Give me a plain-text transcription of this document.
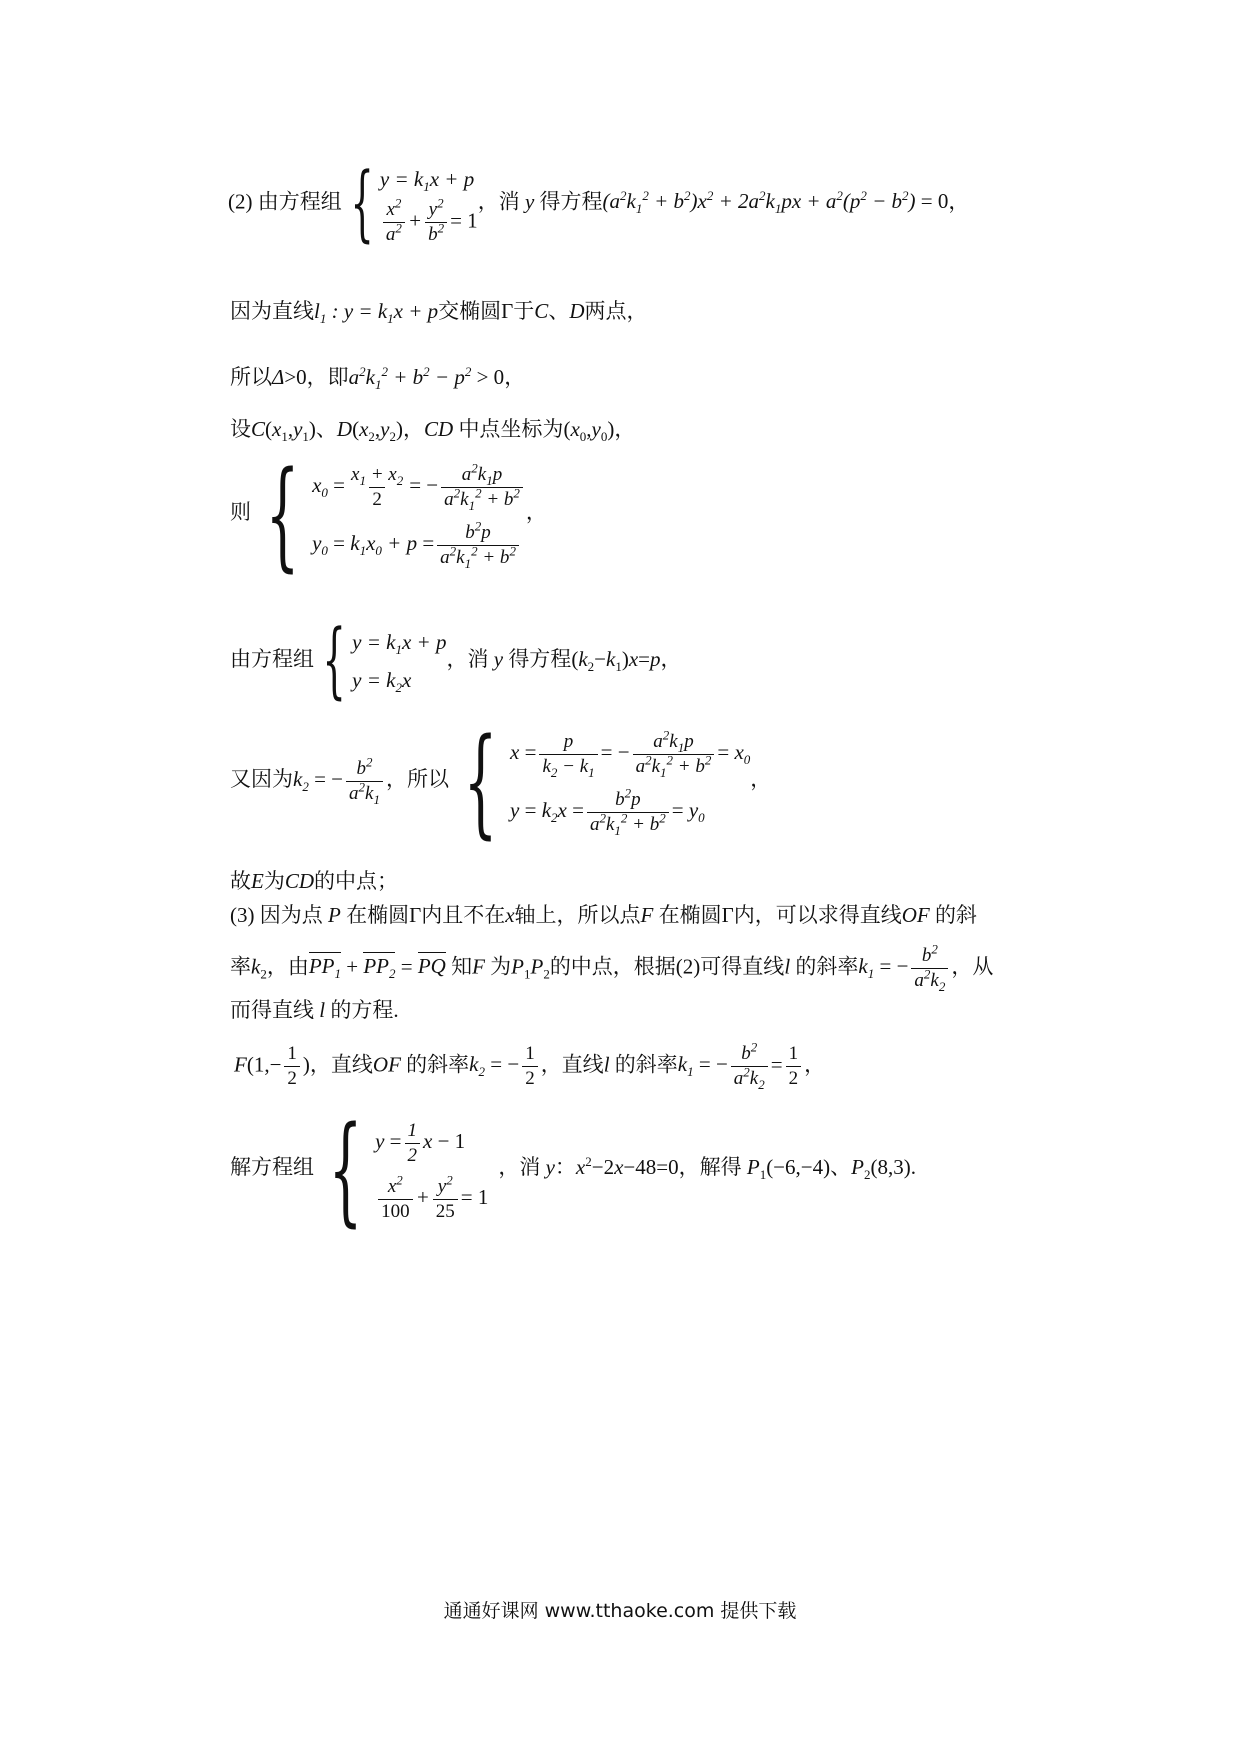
(2) 由方程组 { $y = k_1x + p$
$\frac{x^2}{a^2} + \frac{y^2}{b^2} = 1$
，消 y 得方程$(a^2k_1^2 + b^2)x^2 + 2a^2k_1px + a^2(p^2 - b^2) = 0$，
因为直线$l_1$ : $y = k_1x + p$交椭圆Γ于C、D两点，
所以Δ>0，即$a^2k_1^2 + b^2 - p^2 > 0$，
设$C(x_1,y_1)$、$D(x_2,y_2)$，CD 中点坐标为$(x_0,y_0)$，
则 { $x_0 = \frac{x_1 + x_2}{2}$ = − $\frac{a^2k_1p}{a^2k_1^2 + b^2}$
$y_0 = k_1x_0 + p = \frac{b^2p}{a^2k_1^2 + b^2}$
，
由方程组 { $y = k_1x + p$
$y = k_2x$
，消 y 得方程$(k_2-k_1)x=p$，
又因为$k_2$ = − $\frac{b^2}{a^2k_1}$ ，所以 { $x = \frac{p}{k_2 - k_1}$ = − $\frac{a^2k_1p}{a^2k_1^2 + b^2} = x_0$
$y = k_2x = \frac{b^2p}{a^2k_1^2 + b^2} = y_0$
，
故E为CD的中点；
(3) 因为点 P 在椭圆Γ内且不在x轴上，所以点F 在椭圆Γ内，可以求得直线OF 的斜
率$k_2$，由$PP_1 + PP_2$ = PQ 知F 为$P_1P_2$的中点，根据(2)可得直线l 的斜率$k_1$ = − $\frac{b^2}{a^2k_2}$ ，从
而得直线 l 的方程.
$F(1,- \frac{1}{2}$ )，直线OF 的斜率$k_2$ = − $\frac{1}{2}$ ，直线l 的斜率$k_1$ = − $\frac{b^2}{a^2k_2} = \frac{1}{2}$ ，
解方程组 { $y = \frac{1}{2}$ x − 1
$\frac{x^2}{100} + \frac{y^2}{25} = 1$
，消 y：$x^2-2x-48=0$，解得 $P_1(-6,-4)$、$P_2(8,3)$.
通通好课网 www.tthaoke.com 提供下载
